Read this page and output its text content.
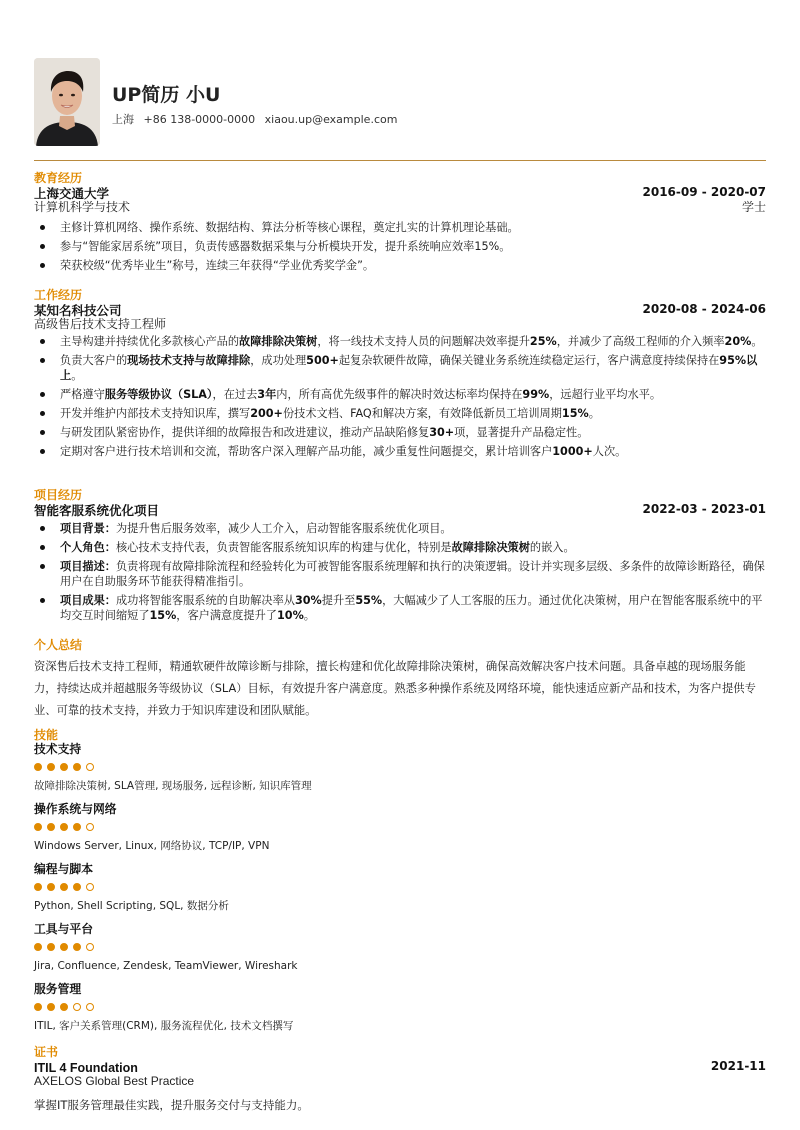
UP简历 小U
上海 +86 138-0000-0000 xiaou.up@example.com
教育经历
上海交通大学	2016-09 - 2020-07
计算机科学与技术	学士
主修计算机网络、操作系统、数据结构、算法分析等核心课程，奠定扎实的计算机理论基础。
参与“智能家居系统”项目，负责传感器数据采集与分析模块开发，提升系统响应效率15%。
荣获校级“优秀毕业生”称号，连续三年获得“学业优秀奖学金”。
工作经历
某知名科技公司	2020-08 - 2024-06
高级售后技术支持工程师
主导构建并持续优化多款核心产品的故障排除决策树，将一线技术支持人员的问题解决效率提升25%，并减少了高级工程师的介入频率20%。
负责大客户的现场技术支持与故障排除，成功处理500+起复杂软硬件故障，确保关键业务系统连续稳定运行，客户满意度持续保持在95%以上。
严格遵守服务等级协议（SLA），在过去3年内，所有高优先级事件的解决时效达标率均保持在99%，远超行业平均水平。
开发并维护内部技术支持知识库，撰写200+份技术文档、FAQ和解决方案，有效降低新员工培训周期15%。
与研发团队紧密协作，提供详细的故障报告和改进建议，推动产品缺陷修复30+项，显著提升产品稳定性。
定期对客户进行技术培训和交流，帮助客户深入理解产品功能，减少重复性问题提交，累计培训客户1000+人次。
项目经历
智能客服系统优化项目	2022-03 - 2023-01
项目背景：为提升售后服务效率，减少人工介入，启动智能客服系统优化项目。
个人角色：核心技术支持代表，负责智能客服系统知识库的构建与优化，特别是故障排除决策树的嵌入。
项目描述：负责将现有故障排除流程和经验转化为可被智能客服系统理解和执行的决策逻辑。设计并实现多层级、多条件的故障诊断路径，确保用户在自助服务环节能获得精准指引。
项目成果：成功将智能客服系统的自助解决率从30%提升至55%，大幅减少了人工客服的压力。通过优化决策树，用户在智能客服系统中的平均交互时间缩短了15%，客户满意度提升了10%。
个人总结
资深售后技术支持工程师，精通软硬件故障诊断与排除，擅长构建和优化故障排除决策树，确保高效解决客户技术问题。具备卓越的现场服务能力，持续达成并超越服务等级协议（SLA）目标，有效提升客户满意度。熟悉多种操作系统及网络环境，能快速适应新产品和技术，为客户提供专业、可靠的技术支持，并致力于知识库建设和团队赋能。
技能
技术支持
故障排除决策树, SLA管理, 现场服务, 远程诊断, 知识库管理
操作系统与网络
Windows Server, Linux, 网络协议, TCP/IP, VPN
编程与脚本
Python, Shell Scripting, SQL, 数据分析
工具与平台
Jira, Confluence, Zendesk, TeamViewer, Wireshark
服务管理
ITIL, 客户关系管理(CRM), 服务流程优化, 技术文档撰写
证书
ITIL 4 Foundation	2021-11
AXELOS Global Best Practice
掌握IT服务管理最佳实践，提升服务交付与支持能力。
